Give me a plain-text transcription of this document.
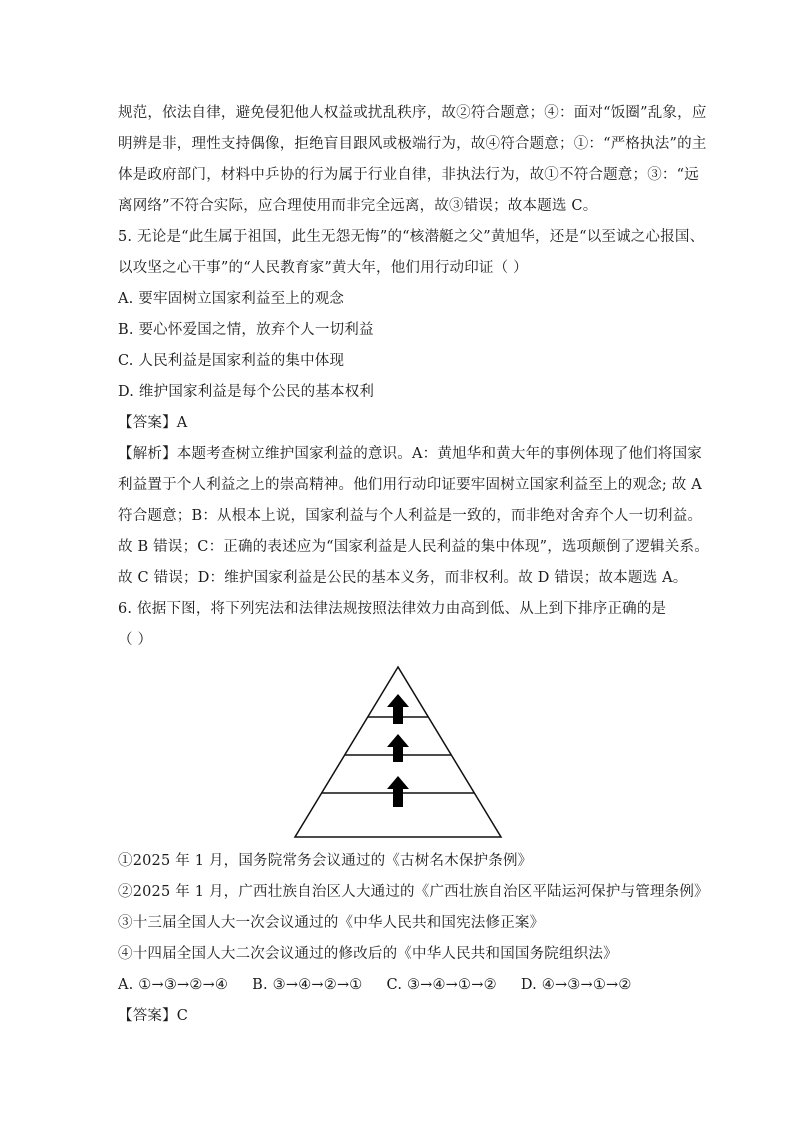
规范，依法自律，避免侵犯他人权益或扰乱秩序，故②符合题意；④：面对“饭圈”乱象，应
明辨是非，理性支持偶像，拒绝盲目跟风或极端行为，故④符合题意；①：“严格执法”的主
体是政府部门，材料中乒协的行为属于行业自律，非执法行为，故①不符合题意；③：“远
离网络”不符合实际，应合理使用而非完全远离，故③错误；故本题选 C。
5. 无论是“此生属于祖国，此生无怨无悔”的“核潜艇之父”黄旭华，还是“以至诚之心报国、
以攻坚之心干事”的“人民教育家”黄大年，他们用行动印证（ ）
A. 要牢固树立国家利益至上的观念
B. 要心怀爱国之情，放弃个人一切利益
C. 人民利益是国家利益的集中体现
D. 维护国家利益是每个公民的基本权利
【答案】A
【解析】本题考查树立维护国家利益的意识。A：黄旭华和黄大年的事例体现了他们将国家
利益置于个人利益之上的崇高精神。他们用行动印证要牢固树立国家利益至上的观念; 故 A
符合题意；B：从根本上说，国家利益与个人利益是一致的，而非绝对舍弃个人一切利益。
故 B 错误；C：正确的表述应为“国家利益是人民利益的集中体现”，选项颠倒了逻辑关系。
故 C 错误；D：维护国家利益是公民的基本义务，而非权利。故 D 错误；故本题选 A。
6. 依据下图，将下列宪法和法律法规按照法律效力由高到低、从上到下排序正确的是
（ ）
①2025 年 1 月，国务院常务会议通过的《古树名木保护条例》
②2025 年 1 月，广西壮族自治区人大通过的《广西壮族自治区平陆运河保护与管理条例》
③十三届全国人大一次会议通过的《中华人民共和国宪法修正案》
④十四届全国人大二次会议通过的修改后的《中华人民共和国国务院组织法》
A. ①→③→②→④     B. ③→④→②→①     C. ③→④→①→②     D. ④→③→①→②
【答案】C
